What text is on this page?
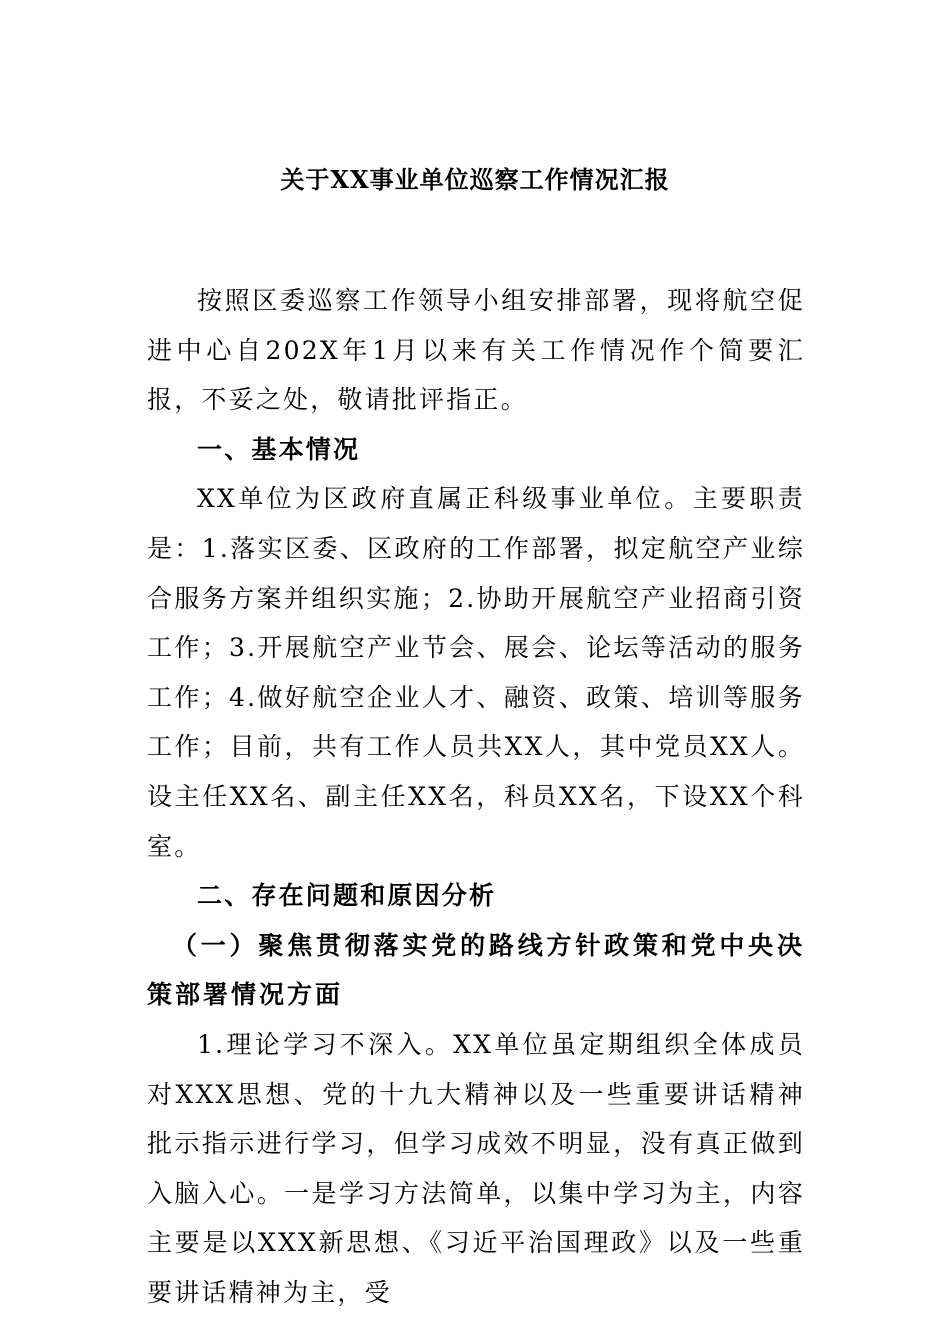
关于XX事业单位巡察工作情况汇报

按照区委巡察工作领导小组安排部署，现将航空促进中心自202X年1月以来有关工作情况作个简要汇报，不妥之处，敬请批评指正。

一、基本情况

XX单位为区政府直属正科级事业单位。主要职责是：1.落实区委、区政府的工作部署，拟定航空产业综合服务方案并组织实施；2.协助开展航空产业招商引资工作；3.开展航空产业节会、展会、论坛等活动的服务工作；4.做好航空企业人才、融资、政策、培训等服务工作；目前，共有工作人员共XX人，其中党员XX人。设主任XX名、副主任XX名，科员XX名，下设XX个科室。

二、存在问题和原因分析

（一）聚焦贯彻落实党的路线方针政策和党中央决策部署情况方面

1.理论学习不深入。XX单位虽定期组织全体成员对XXX思想、党的十九大精神以及一些重要讲话精神批示指示进行学习，但学习成效不明显，没有真正做到入脑入心。一是学习方法简单，以集中学习为主，内容主要是以XXX新思想、《习近平治国理政》以及一些重要讲话精神为主，受
